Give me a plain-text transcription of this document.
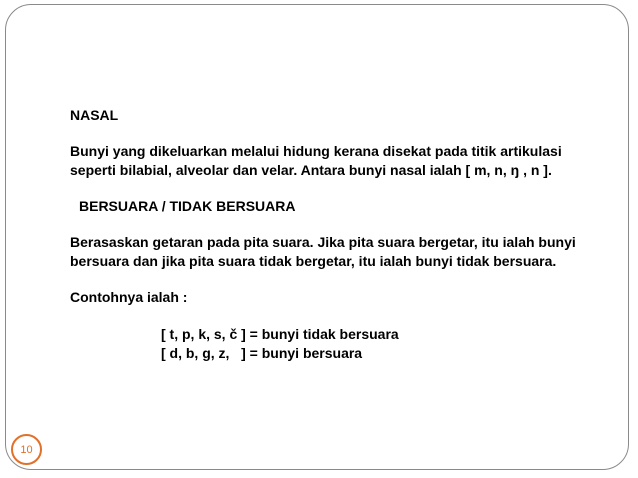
NASAL

Bunyi yang dikeluarkan melalui hidung kerana disekat pada titik artikulasi seperti bilabial, alveolar dan velar. Antara bunyi nasal ialah [ m, n, ŋ , n ].

BERSUARA / TIDAK BERSUARA

Berasaskan getaran pada pita suara. Jika pita suara bergetar, itu ialah bunyi bersuara dan jika pita suara tidak bergetar, itu ialah bunyi tidak bersuara.

Contohnya ialah :

[ t, p, k, s, č ] = bunyi tidak bersuara

[ d, b, g, z,   ] = bunyi bersuara

10
